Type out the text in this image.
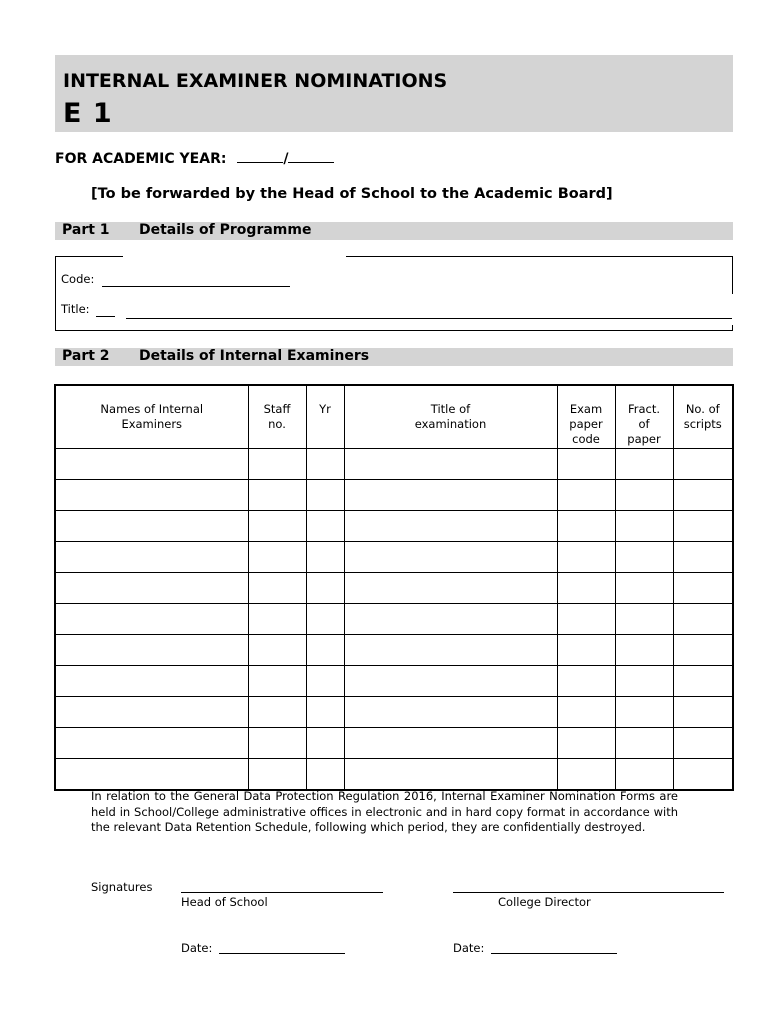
INTERNAL EXAMINER NOMINATIONS
E 1
FOR ACADEMIC YEAR:	/
[To be forwarded by the Head of School to the Academic Board]
Part 1 Details of Programme
Code:
Title:
Part 2 Details of Internal Examiners
Names of Internal Examiners	Staff no.	Yr	Title of examination	Exam paper code	Fract. of paper	No. of scripts

In relation to the General Data Protection Regulation 2016, Internal Examiner Nomination Forms are held in School/College administrative offices in electronic and in hard copy format in accordance with the relevant Data Retention Schedule, following which period, they are confidentially destroyed.
Signatures
Head of School	College Director
Date:	Date:
